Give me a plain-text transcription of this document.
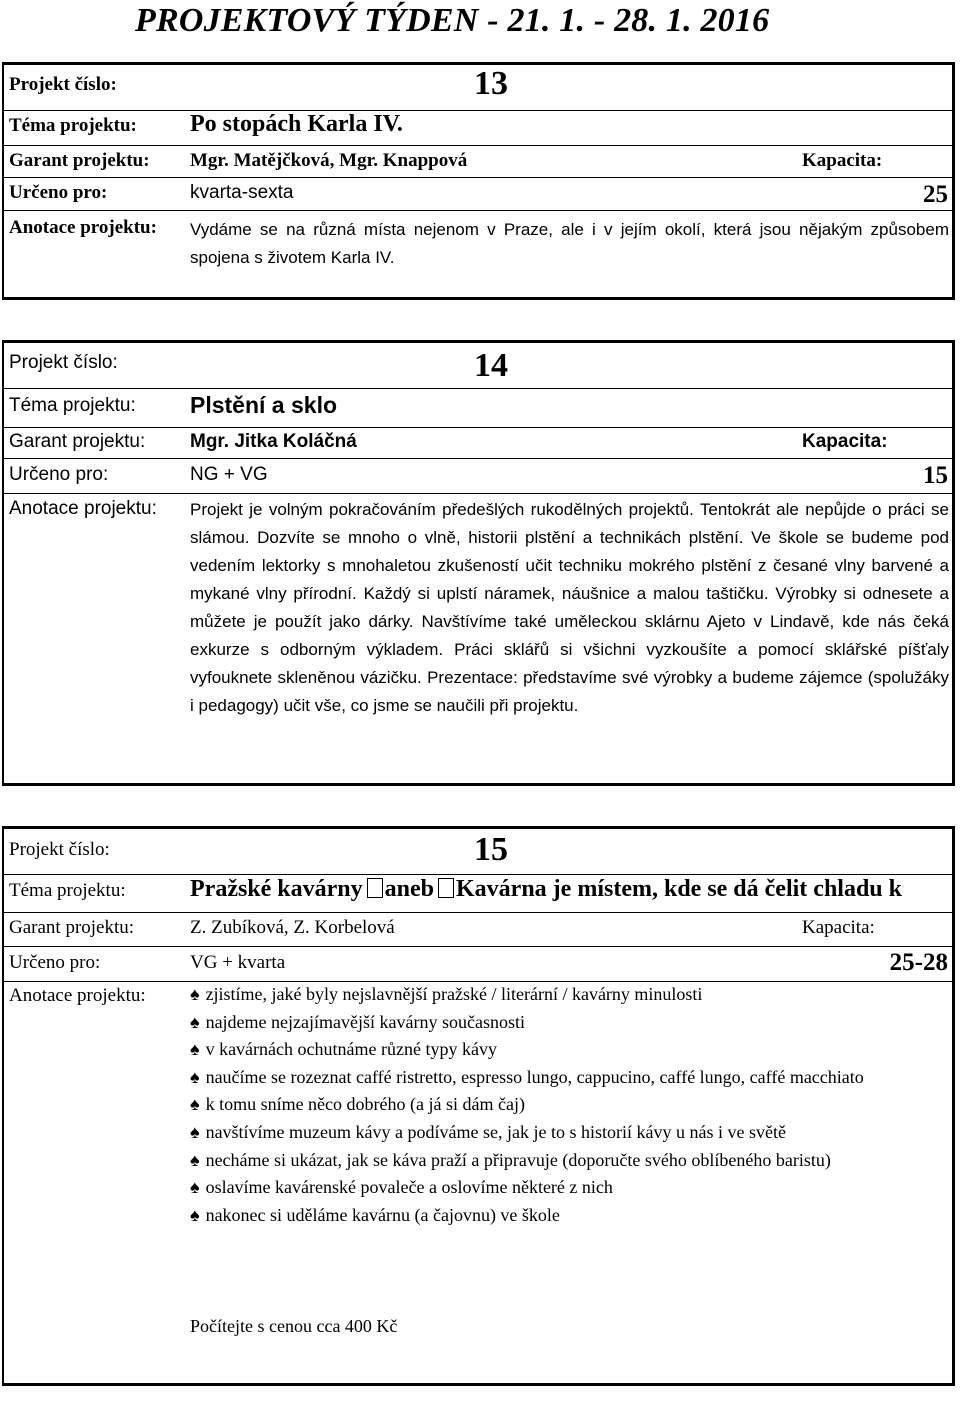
PROJEKTOVÝ TÝDEN - 21. 1. - 28. 1. 2016
Projekt číslo:	13
Téma projektu: Po stopách Karla IV.
Garant projektu: Mgr. Matějčková, Mgr. Knappová	Kapacita:
Určeno pro:	kvarta-sexta	25
Anotace projektu: Vydáme se na různá místa nejenom v Praze, ale i v jejím okolí, která jsou nějakým způsobem spojena s životem Karla IV.
Projekt číslo:	14
Téma projektu: Plstění a sklo
Garant projektu: Mgr. Jitka Koláčná	Kapacita:
Určeno pro:	NG + VG	15
Anotace projektu: Projekt je volným pokračováním předešlých rukodělných projektů. Tentokrát ale nepůjde o práci se slámou. Dozvíte se mnoho o vlně, historii plstění a technikách plstění. Ve škole se budeme pod vedením lektorky s mnohaletou zkušeností učit techniku mokrého plstění z česané vlny barvené a mykané vlny přírodní. Každý si uplstí náramek, náušnice a malou taštičku. Výrobky si odnesete a můžete je použít jako dárky. Navštívíme také uměleckou sklárnu Ajeto v Lindavě, kde nás čeká exkurze s odborným výkladem. Práci sklářů si všichni vyzkoušíte a pomocí sklářské píšťaly vyfouknete skleněnou vázičku. Prezentace: představíme své výrobky a budeme zájemce (spolužáky i pedagogy) učit vše, co jsme se naučili při projektu.
Projekt číslo:	15
Téma projektu:	Pražské kavárny aneb Kavárna je místem, kde se dá čelit chladu k
Garant projektu:	Z. Zubíková, Z. Korbelová	Kapacita:
Určeno pro:	VG + kvarta	25-28
Anotace projektu: ♠ zjistíme, jaké byly nejslavnější pražské / literární / kavárny minulosti
♠ najdeme nejzajímavější kavárny současnosti
♠ v kavárnách ochutnáme různé typy kávy
♠ naučíme se rozeznat caffé ristretto, espresso lungo, cappucino, caffé lungo, caffé macchiato
♠ k tomu sníme něco dobrého (a já si dám čaj)
♠ navštívíme muzeum kávy a podíváme se, jak je to s historií kávy u nás i ve světě
♠ necháme si ukázat, jak se káva praží a připravuje (doporučte svého oblíbeného baristu)
♠ oslavíme kavárenské povaleče a oslovíme některé z nich
♠ nakonec si uděláme kavárnu (a čajovnu) ve škole
Počítejte s cenou cca 400 Kč
